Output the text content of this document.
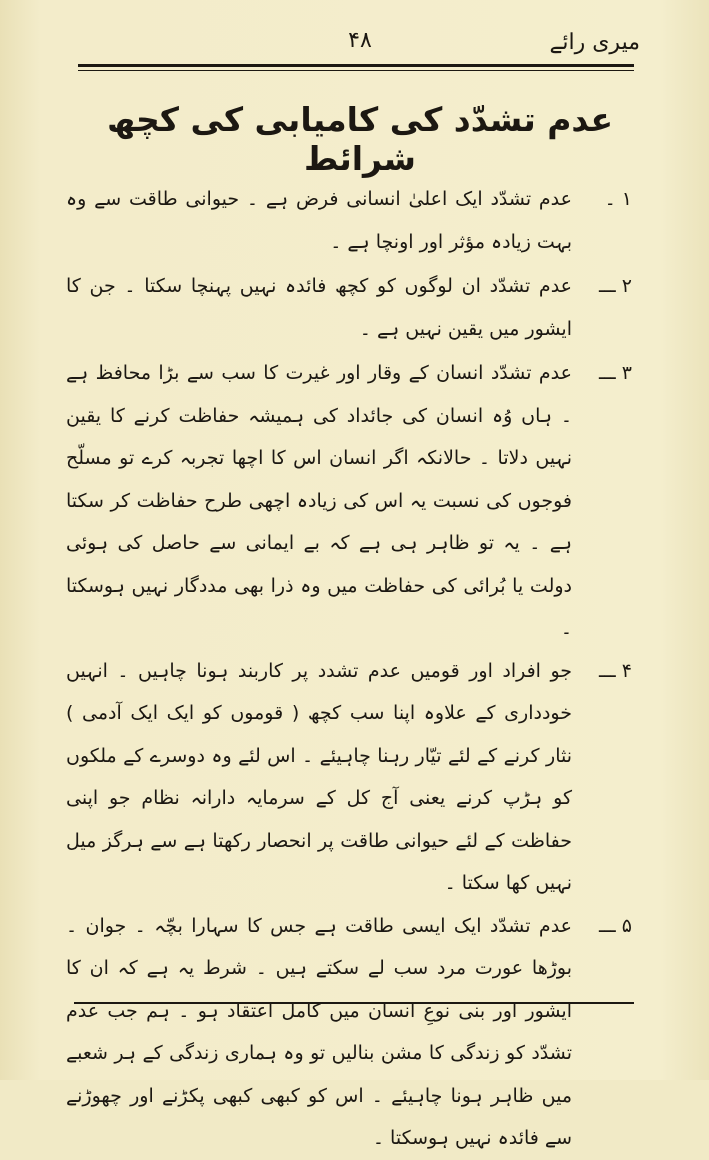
میری رائے
۴۸
عدم تشدّد کی کامیابی کی کچھ شرائط
۱ ۔
عدم تشدّد ایک اعلیٰ انسانی فرض ہے ۔ حیوانی طاقت سے وہ بہت زیادہ مؤثر اور اونچا ہے ۔
۲ ـــ
عدم تشدّد ان لوگوں کو کچھ فائدہ نہیں پہنچا سکتا ۔ جن کا ایشور میں یقین نہیں ہے ۔
۳ ـــ
عدم تشدّد انسان کے وقار اور غیرت کا سب سے بڑا محافظ ہے ۔ ہاں وُہ انسان کی جائداد کی ہمیشہ حفاظت کرنے کا یقین نہیں دلاتا ۔ حالانکہ اگر انسان اس کا اچھا تجربہ کرے تو مسلّح فوجوں کی نسبت یہ اس کی زیادہ اچھی طرح حفاظت کر سکتا ہے ۔ یہ تو ظاہر ہی ہے کہ بے ایمانی سے حاصل کی ہوئی دولت یا بُرائی کی حفاظت میں وہ ذرا بھی مددگار نہیں ہوسکتا ۔
۴ ـــ
جو افراد اور قومیں عدم تشدد پر کاربند ہونا چاہیں ۔ انہیں خودداری کے علاوہ اپنا سب کچھ ( قوموں کو ایک ایک آدمی ) نثار کرنے کے لئے تیّار رہنا چاہیئے ۔ اس لئے وہ دوسرے کے ملکوں کو ہڑپ کرنے یعنی آج کل کے سرمایہ دارانہ نظام جو اپنی حفاظت کے لئے حیوانی طاقت پر انحصار رکھتا ہے سے ہرگز میل نہیں کھا سکتا ۔
۵ ـــ
عدم تشدّد ایک ایسی طاقت ہے جس کا سہارا بچّہ ۔ جوان ۔ بوڑھا عورت مرد سب لے سکتے ہیں ۔ شرط یہ ہے کہ ان کا ایشور اور بنی نوعِ انسان میں کامل اعتقاد ہو ۔ ہم جب عدم تشدّد کو زندگی کا مشن بنالیں تو وہ ہماری زندگی کے ہر شعبے میں ظاہر ہونا چاہیئے ۔ اس کو کبھی کبھی پکڑنے اور چھوڑنے سے فائدہ نہیں ہوسکتا ۔
